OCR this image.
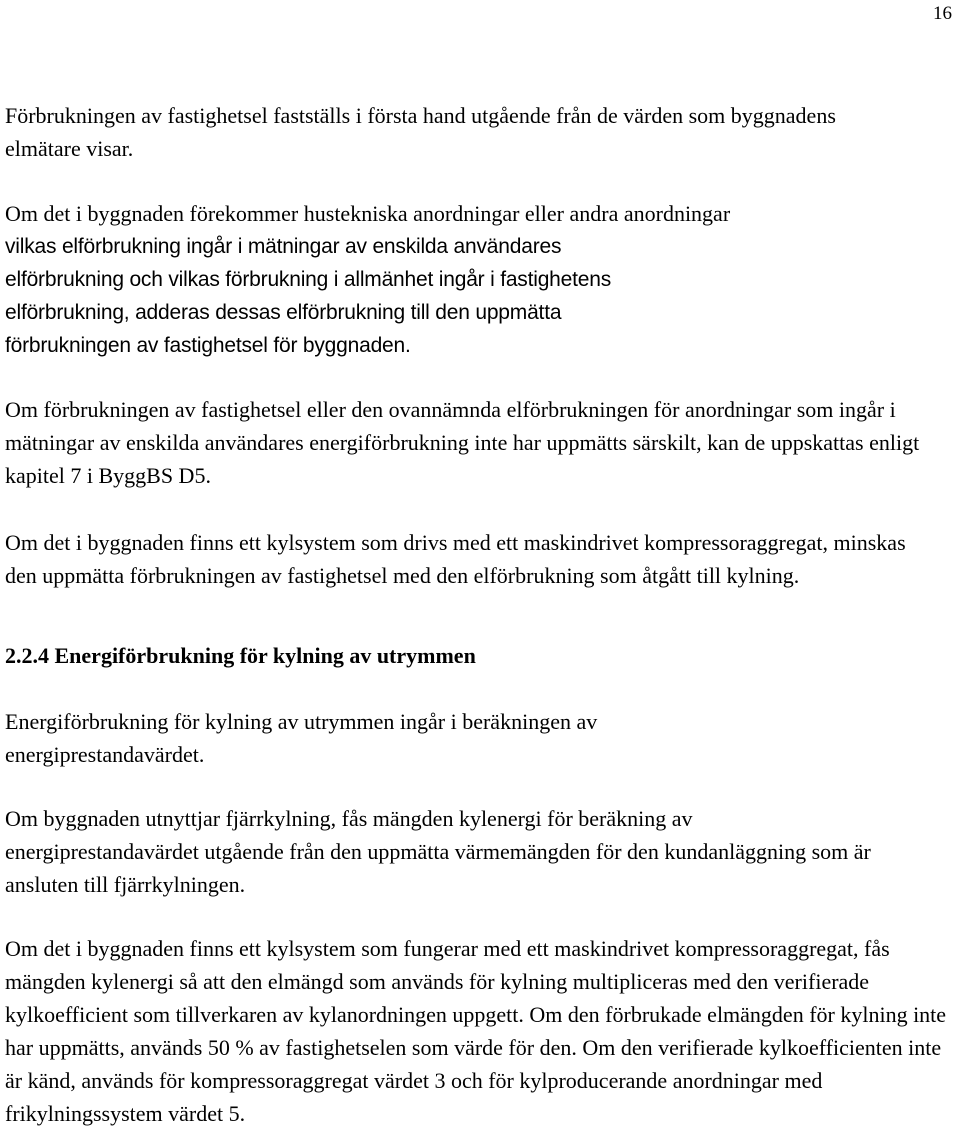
16

Förbrukningen av fastighetsel fastställs i första hand utgående från de värden som byggnadens elmätare visar.

Om det i byggnaden förekommer hustekniska anordningar eller andra anordningar
vilkas elförbrukning ingår i mätningar av enskilda användares elförbrukning och vilkas förbrukning i allmänhet ingår i fastighetens elförbrukning, adderas dessas elförbrukning till den uppmätta förbrukningen av fastighetsel för byggnaden.

Om förbrukningen av fastighetsel eller den ovannämnda elförbrukningen för anordningar som ingår i mätningar av enskilda användares energiförbrukning inte har uppmätts särskilt, kan de uppskattas enligt kapitel 7 i ByggBS D5.

Om det i byggnaden finns ett kylsystem som drivs med ett maskindrivet kompressoraggregat, minskas den uppmätta förbrukningen av fastighetsel med den elförbrukning som åtgått till kylning.

2.2.4 Energiförbrukning för kylning av utrymmen

Energiförbrukning för kylning av utrymmen ingår i beräkningen av energiprestandavärdet.

Om byggnaden utnyttjar fjärrkylning, fås mängden kylenergi för beräkning av energiprestandavärdet utgående från den uppmätta värmemängden för den kundanläggning som är ansluten till fjärrkylningen.

Om det i byggnaden finns ett kylsystem som fungerar med ett maskindrivet kompressoraggregat, fås mängden kylenergi så att den elmängd som används för kylning multipliceras med den verifierade kylkoefficient som tillverkaren av kylanordningen uppgett. Om den förbrukade elmängden för kylning inte har uppmätts, används 50 % av fastighetselen som värde för den. Om den verifierade kylkoefficienten inte är känd, används för kompressoraggregat värdet 3 och för kylproducerande anordningar med frikylningssystem värdet 5.
